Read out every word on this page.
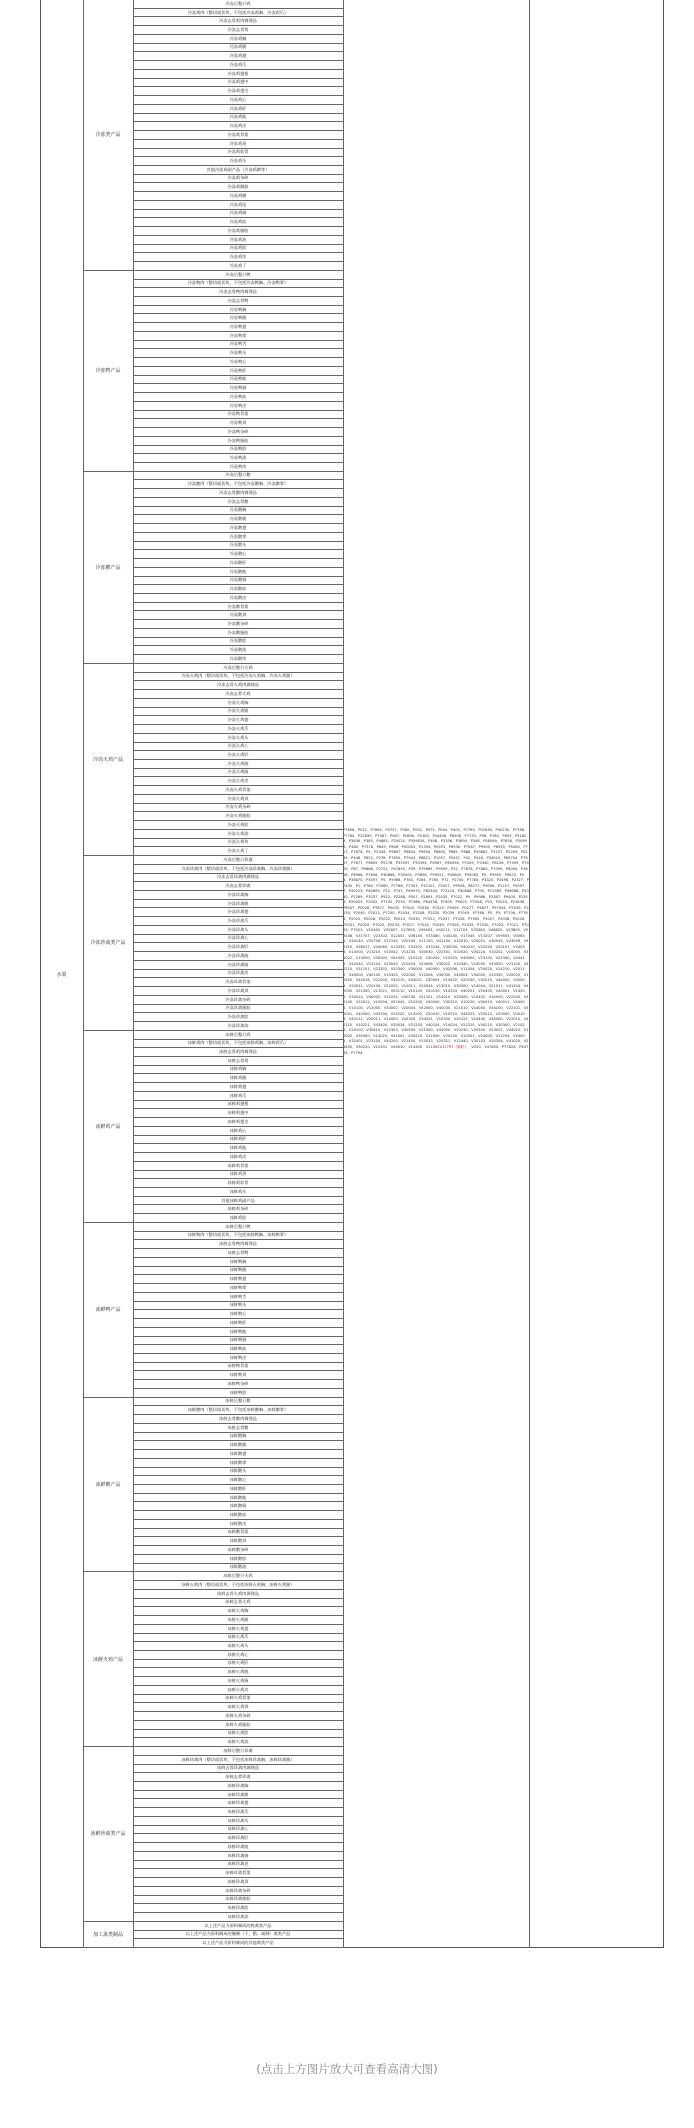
水果
冷冻类产品
冷冻后整只鸡
冷冻鸡肉（整切或切块，不包括冷冻鸡胸、冷冻鸡爪）
冷冻去骨鸡肉调理品
冷冻去骨鸡
冷冻鸡胸
冷冻鸡腿
冷冻鸡翅
冷冻鸡爪
冷冻鸡翅根
冷冻鸡翅中
冷冻鸡翅尖
冷冻鸡心
冷冻鸡肝
冷冻鸡肫
冷冻鸡皮
冷冻鸡骨架
冷冻鸡颈
冷冻鸡软骨
冷冻鸡头
其他冷冻鸡副产品（冷冻鸡蹄等）
冷冻鸡杂碎
冷冻鸡脚筋
冷冻鸡腰
冷冻鸡尾
冷冻鸡肠
冷冻鸡血
冷冻鸡脂肪
冷冻鸡油
冷冻鸡胗
冷冻鸡块
冷冻鸡丁
冷冻鸭产品
冷冻后整只鸭
冷冻鸭肉（整切或切块，不包括冷冻鸭胸、冷冻鸭掌）
冷冻去骨鸭肉调理品
冷冻去骨鸭
冷冻鸭胸
冷冻鸭腿
冷冻鸭翅
冷冻鸭掌
冷冻鸭舌
冷冻鸭头
冷冻鸭心
冷冻鸭肝
冷冻鸭肫
冷冻鸭肠
冷冻鸭血
冷冻鸭皮
冷冻鸭骨架
冷冻鸭颈
冷冻鸭杂碎
冷冻鸭脂肪
冷冻鸭胗
冷冻鸭油
冷冻鸭块
冷冻鹅产品
冷冻后整只鹅
冷冻鹅肉（整切或切块，不包括冷冻鹅胸、冷冻鹅掌）
冷冻去骨鹅肉调理品
冷冻去骨鹅
冷冻鹅胸
冷冻鹅腿
冷冻鹅翅
冷冻鹅掌
冷冻鹅头
冷冻鹅心
冷冻鹅肝
冷冻鹅肫
冷冻鹅肠
冷冻鹅血
冷冻鹅皮
冷冻鹅骨架
冷冻鹅颈
冷冻鹅杂碎
冷冻鹅脂肪
冷冻鹅胗
冷冻鹅油
冷冻鹅块
冷冻火鸡产品
冷冻后整只火鸡
冷冻火鸡肉（整切或切块，不包括冷冻火鸡胸、冷冻火鸡腿）
冷冻去骨火鸡肉调理品
冷冻去骨火鸡
冷冻火鸡胸
冷冻火鸡腿
冷冻火鸡翅
冷冻火鸡爪
冷冻火鸡头
冷冻火鸡心
冷冻火鸡肝
冷冻火鸡肫
冷冻火鸡肠
冷冻火鸡皮
冷冻火鸡骨架
冷冻火鸡颈
冷冻火鸡杂碎
冷冻火鸡脂肪
冷冻火鸡胗
冷冻火鸡油
冷冻火鸡块
冷冻火鸡丁
冷冻珍禽类产品
冷冻后整只珍禽
冷冻珍禽肉（整切或切块，不包括冷冻珍禽胸、冷冻珍禽腿）
冷冻去骨珍禽肉调理品
冷冻去骨珍禽
冷冻珍禽胸
冷冻珍禽腿
冷冻珍禽翅
冷冻珍禽爪
冷冻珍禽头
冷冻珍禽心
冷冻珍禽肝
冷冻珍禽肫
冷冻珍禽肠
冷冻珍禽皮
冷冻珍禽骨架
冷冻珍禽颈
冷冻珍禽杂碎
冷冻珍禽脂肪
冷冻珍禽胗
冷冻珍禽油
冰鲜鸡产品
冰鲜后整只鸡
冰鲜鸡肉（整切或切块，不包括冰鲜鸡胸、冰鲜鸡爪）
冰鲜去骨鸡肉调理品
冰鲜去骨鸡
冰鲜鸡胸
冰鲜鸡腿
冰鲜鸡翅
冰鲜鸡爪
冰鲜鸡翅根
冰鲜鸡翅中
冰鲜鸡翅尖
冰鲜鸡心
冰鲜鸡肝
冰鲜鸡肫
冰鲜鸡皮
冰鲜鸡骨架
冰鲜鸡颈
冰鲜鸡软骨
冰鲜鸡头
其他冰鲜鸡副产品
冰鲜鸡杂碎
冰鲜鸡胗
冰鲜鸭产品
冰鲜后整只鸭
冰鲜鸭肉（整切或切块，不包括冰鲜鸭胸、冰鲜鸭掌）
冰鲜去骨鸭肉调理品
冰鲜去骨鸭
冰鲜鸭胸
冰鲜鸭腿
冰鲜鸭翅
冰鲜鸭掌
冰鲜鸭舌
冰鲜鸭头
冰鲜鸭心
冰鲜鸭肝
冰鲜鸭肫
冰鲜鸭肠
冰鲜鸭血
冰鲜鸭皮
冰鲜鸭骨架
冰鲜鸭颈
冰鲜鸭杂碎
冰鲜鸭胗
冰鲜鹅产品
冰鲜后整只鹅
冰鲜鹅肉（整切或切块，不包括冰鲜鹅胸、冰鲜鹅掌）
冰鲜去骨鹅肉调理品
冰鲜去骨鹅
冰鲜鹅胸
冰鲜鹅腿
冰鲜鹅翅
冰鲜鹅掌
冰鲜鹅头
冰鲜鹅心
冰鲜鹅肝
冰鲜鹅肫
冰鲜鹅肠
冰鲜鹅血
冰鲜鹅皮
冰鲜鹅骨架
冰鲜鹅颈
冰鲜鹅杂碎
冰鲜鹅胗
冰鲜鹅油
冰鲜火鸡产品
冰鲜后整只火鸡
冰鲜火鸡肉（整切或切块，不包括冰鲜火鸡胸、冰鲜火鸡腿）
冰鲜去骨火鸡肉调理品
冰鲜去骨火鸡
冰鲜火鸡胸
冰鲜火鸡腿
冰鲜火鸡翅
冰鲜火鸡爪
冰鲜火鸡头
冰鲜火鸡心
冰鲜火鸡肝
冰鲜火鸡肫
冰鲜火鸡肠
冰鲜火鸡皮
冰鲜火鸡骨架
冰鲜火鸡颈
冰鲜火鸡杂碎
冰鲜火鸡脂肪
冰鲜火鸡胗
冰鲜火鸡油
冰鲜珍禽类产品
冰鲜后整只珍禽
冰鲜珍禽肉（整切或切块，不包括冰鲜珍禽胸、冰鲜珍禽腿）
冰鲜去骨珍禽肉调理品
冰鲜去骨珍禽
冰鲜珍禽胸
冰鲜珍禽腿
冰鲜珍禽翅
冰鲜珍禽爪
冰鲜珍禽头
冰鲜珍禽心
冰鲜珍禽肝
冰鲜珍禽肫
冰鲜珍禽肠
冰鲜珍禽皮
冰鲜珍禽骨架
冰鲜珍禽颈
冰鲜珍禽杂碎
冰鲜珍禽脂肪
冰鲜珍禽胗
冰鲜珍禽油
加工禽类制品
以上述产品为原料制成的熟禽类产品
以上述产品为原料制成的腌制（干、腊、咸制）禽类产品
以上述产品为原料制成的其他禽类产品
P7856、P012、P7865、P0727、P280、P052、P075、P044、P405、P7765、P02830、P40230、P7788、P7784、P22839、P7387、P087、P2896、P2185、P44408、P8506、P7730、P58、P784、P893、P31829、P3636、P385、P4685、P20020、P35983A、P408、P2356、P3890、P348、P5809A、P7858、P3099A、P480、P7378、P849、P806、P00003、P2354、P0553、P8930、P7987、P9905、P6935、P5085、P727、P7878、P5、P2344、P9867、P8804、P9694、P8805、P885、P888、P49882、P2257、P2209、P2269、P448、P823、P278、P7855、P7943、P8821、P1057、P5437、P42、P418、P34520、P69704、P7867、P7877、P9809、P2278、P35597、P33394、P0967、P65056、P7009、P3340、P8106、P7399、P7400、P87、P9868、P2722、P47855、P39、P79689、P9959、P22、P7876、P7880、P7099、P8009、P3808、P8968、P7808、P30868、P35000、P3896、P59521、P40800、P55062、P2、P9955、P9672、P23、P36870、P3497、P5、P5966、P783、P284、P785、P72、P2740、P7784、P3325、P2496、P2327、P7445、P1、P780、P7060、P7768、P7303、P32101、P2027、P9928、P8277、P9096、P1227、P59977、P40223、P40893、P22、P747、P49070、P82340、P72224、P30888、P700、P72389、P48088、P2050、P2289、P7037、P922、P2288、P507、P2893、P2035、P7022、P9、P9986、P2387、P9400、P2358、P20025、P2002、P7155、P250、P7366、P64558、P7405、P9003、P7008、P23、P2024、P21838、P9007、P0028、P7877、P0005、P7000、P2036、P7025、P5005、P0277、P4877、P57004、P7039、P2030、P2040、P2023、P7250、P2034、P2208、P2020、P2039、P7045、P7768、P5、P3、P7706、P7788、P2025、P2028、P2032、P2024、P2030、P7022、P2037、P7028、P7900、P2027、P2038、P2026、P2031、P2029、P7020、P2033、P7027、P7024、P2039、P7026、P2035、P7030、P7025、P7021、P7029、P7023、V10260、V25807、V27855、V09403、V40211、V11703、V33360、V48820、V23805、V59208、V37707、V23302、V12051、V06150、V33380、V40230、V17045、V13207、V59505、V05630、V34140、V20706、V17150、V20240、V11150、V41104、V10010、V20011、V30045、V43006、V30310、V56017、V44060、V13333、V33202、V33244、V30030、V40010、V22050、V20107、V34036、V10000、V13210、V10002、V13230、V30030、V22301、V10020、V34224、V10202、V10005、V31022、V13000、V30002、V44305、V10220、V30200、V10203、V40000、V23100、V22340、V44415、V42040、V12104、V23045、V10404、V24006、V30022、V10340、V10050、V43020、V21100、V40210、V31101、V23302、V20340、V30000、V40000、V42006、V11004、V20020、V24210、V20110、V40004、V40100、V10304、V22000、V12006、V30040、V44004、V30000、V10350、V20020、V10500、V40016、V22002、V30210、V43021、V30004、V14402、V20330、V42015、V44000、V40005、V20011、V20106、V22052、V10011、V20044、V13010、V30300、V14004、V21011、V41204、V42000、V22300、V21021、V20110、V10100、V20130、V10203、V40201、V20405、V40001、V14200、V34014、V40002、V10224、V40230、V21101、V14010、V30000、V10402、V34000、V22200、V30100、V20012、V10004、V22042、V10200、V40040、V30310、V10220、V40410、V40011、V44004、V10100、V12000、V33002、V20044、V42000、V40030、V21010、V14000、V44100、V22101、V30001、V40300、V43330、V20220、V14202、V20410、V10010、V44023、V20012、V20000、V30103、V43111、V20011、V14000、V42300、V34201、V10300、V20122、V10440、V44000、V22010、V40110、V10221、V43400、V30034、V21200、V40104、V14024、V22320、V40210、V30300、V21020、V20100、V30410、V22304、V40500、V21000、V43000、V20230、V20300、V23002、V44010、V12002、V30400、V14020、V41002、V30220、V12040、V24100、V10001、V24000、V22204、V44001、V32001、V23100、V40200、V21400、V10033、V20321、V12440、V30103、V20304、V41020、V23400、V30220、V10101、V40010、V14300、V21002V17757（临时）、V220、V47850、P7782A、P44785、P7794
(点击上方图片放大可查看高清大图)
